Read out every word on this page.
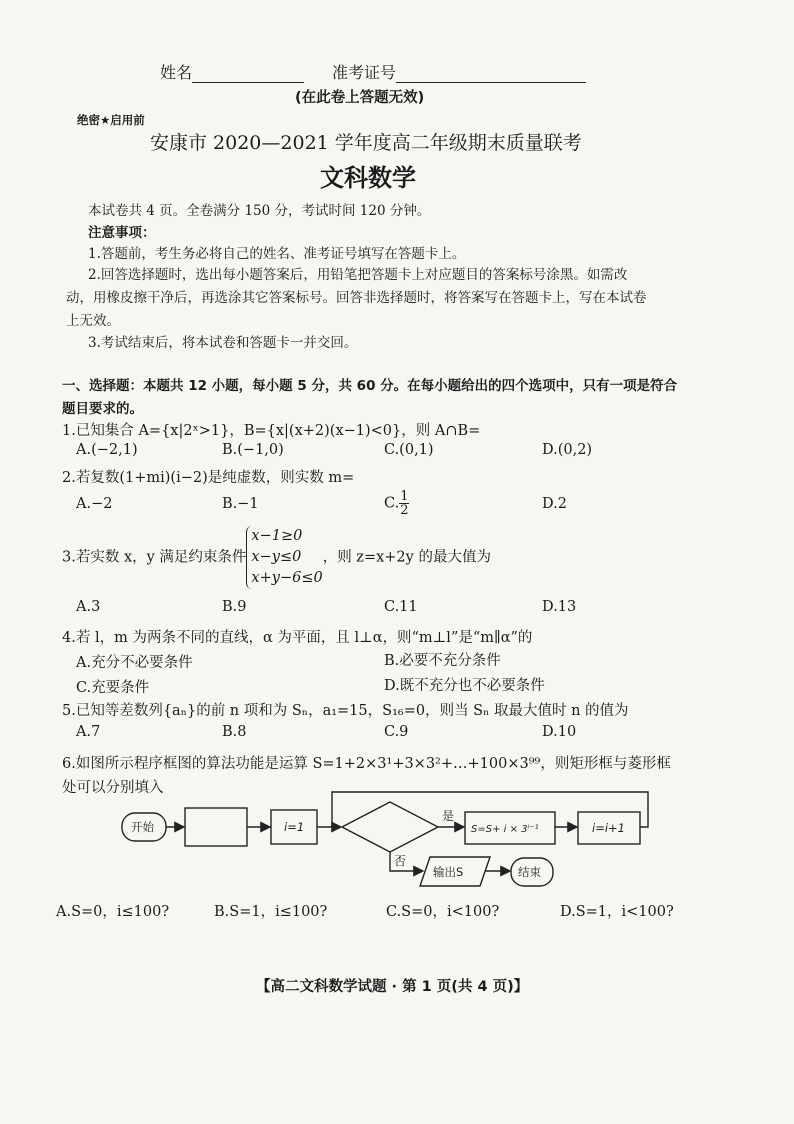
姓名	准考证号
(在此卷上答题无效)
绝密★启用前
安康市 2020—2021 学年度高二年级期末质量联考
文科数学
本试卷共 4 页。全卷满分 150 分，考试时间 120 分钟。
注意事项：
1.答题前，考生务必将自己的姓名、准考证号填写在答题卡上。
2.回答选择题时，选出每小题答案后，用铅笔把答题卡上对应题目的答案标号涂黑。如需改
动，用橡皮擦干净后，再选涂其它答案标号。回答非选择题时，将答案写在答题卡上，写在本试卷
上无效。
3.考试结束后，将本试卷和答题卡一并交回。
一、选择题：本题共 12 小题，每小题 5 分，共 60 分。在每小题给出的四个选项中，只有一项是符合
题目要求的。
1.已知集合 A={x|2ˣ>1}，B={x|(x+2)(x−1)<0}，则 A∩B=
A.(−2,1)	B.(−1,0)	C.(0,1)	D.(0,2)
2.若复数(1+mi)(i−2)是纯虚数，则实数 m=
A.−2	B.−1	C. $\frac{1}{2}$	D.2
3.若实数 x，y 满足约束条件
x−1≥0
x−y≤0
x+y−6≤0
，则 z=x+2y 的最大值为
A.3	B.9	C.11	D.13
4.若 l，m 为两条不同的直线，α 为平面，且 l⊥α，则“m⊥l”是“m∥α”的
A.充分不必要条件	B.必要不充分条件
C.充要条件	D.既不充分也不必要条件
5.已知等差数列{aₙ}的前 n 项和为 Sₙ，a₁=15，S₁₆=0，则当 Sₙ 取最大值时 n 的值为
A.7	B.8	C.9	D.10
6.如图所示程序框图的算法功能是运算 S=1+2×3¹+3×3²+…+100×3⁹⁹，则矩形框与菱形框
处可以分别填入
开始	i=1	S=S+ i × 3ⁱ⁻¹	i=i+1
是
否
输出S	结束
A.S=0，i≤100?	B.S=1，i≤100?	C.S=0，i<100?	D.S=1，i<100?
【高二文科数学试题 · 第 1 页(共 4 页)】
